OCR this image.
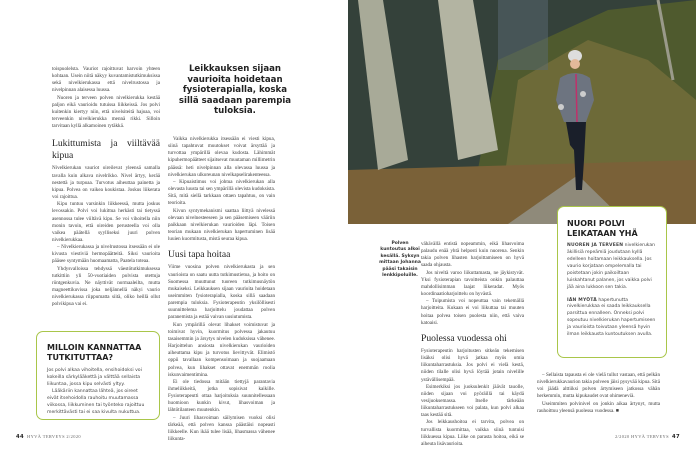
toispuolelsta. Vauriot rajoittuvat harvoin yhteen kohtaan. Usein niitä näkyy kuvantamistutkimuksissa sekä nivelkierukassa että nivelrustossa ja nivelpinnan alaisessa luussa.

Nuoren ja terveen polven nivelkierukka kestää paljon eikä vaurioidu tutuissa liikkeissä. Jos polvi kuitenkin kiertyy niin, että nivelsiteitä hajoaa, voi terveenkin nivelkierukka mennä rikki. Silloin tarvitaan kyllä alkamoinen rytäkkä.

Lukittumista ja viiltävää kipua

Nivelkierukan vauriot oireilevat yleensä samalla tavalla kuin alkava nivelrikko. Nivel ärtyy, kerää nestettä ja turpoaa. Turvotus aiheuttaa painetta ja kipua. Polvea on vaikea koukistaa. Joskus liikerata voi rajoittua.

Kipu tuntuu varsinkin liikkeessä, mutta joskus levossakin. Polvi voi lukittua herkästi tai tietyssä asennossa tulee viiltävä kipu. Se voi vihoitella niin monin tavoin, että oireiden perusteella voi olla vaikea päätellä syylliseksi juuri polven nivelkierukkaa.

– Nivelkierukassa ja nivelrustossa itsessään ei ole kivusta viestiviä hermopäätteitä. Siksi vaurioita pääsee syntymään huomaamatta, Paatela toteaa.

Yhdysvalloissa tehdyssä väestötutkimuksessa tutkittiin yli 50-vuotiaiden polvista otettuja röntgenkuvia. Ne näyttivät normaaleilta, mutta magneettikuvissa joka neljännellä näkyi vaurio nivelkierukassa riippumatta siitä, oliko heillä ollut polvikipua vai ei.

MILLOIN KANNATTAA TUTKITUTTAA?

Jos polvi alkaa vihoitella, ensihoidoksi voi kokeilla särkylääkettä ja välttää sellaista liikuntaa, jossa kipu selvästi yltyy.

Lääkäriin kannattaa lähteä, jos oireet eivät itsehoidolla rauhoitu muutamassa viikossa, liikkuminen tai työnteko rajoittuu merkittävästi tai ei saa kivulta nukuttua.

Leikkauksen sijaan vaurioita hoidetaan fysioterapialla, koska sillä saadaan parempia tuloksia.

Vaikka nivelkierukka itsessään ei viesti kipua, siinä tapahtuvat muutokset voivat ärsyttää ja turvottaa ympärillä olevaa kudosta. Lähimmät kipuhermopäätteet sijaitsevat muutaman millimetrin päässä: heti nivelpinnan alla olevassa luussa ja nivelkierukan ulkoreunan nivelkapselirakenteessa.

– Kipuaistimus voi johtua nivelkierukan alla olevasta luusta tai sen ympärillä olevista kudoksista. Sitä, mitä siellä tarkkaan ottaen tapahtuu, on vain teorioita.

Kivun syntymekanismi saattaa liittyä nivelessä olevaan nivelnesteeseen ja sen pääsemiseen vääriin paikkaan nivelkierukan vaurioiden läpi. Toisen teorian mukaan nivelkierukan hapertuminen lisää luuien kuormitusta, mistä seuraa kipua.

Uusi tapa hoitaa

Viime vuosina polven nivelkierukasta ja sen vaurioista on saatu uutta tutkimustietoa, ja hoito on Suomessa muuttunut tuoreen tutkimusnäytön mukaiseksi. Leikkauksen sijaan vaurioita hoidetaan useimmiten fysioterapialla, koska sillä saadaan parempia tuloksia. Fysioterapeutin yksilöllisesti suunnittelema harjoittelu joudattaa polven paranemista ja estää vaivan uusiutumista.

Kun ympärillä olevat lihakset voimistuvat ja toimivat hyvin, kuormitus polvessa jakautuu tasaisemmin ja ärsytys nivelen kudoksissa vähenee. Harjoittelun ansiosta nivelkierukan vaurioiden aiheuttama kipu ja turvotus lievittyvät. Elimistö oppii tavallaan kompensoimaan ja suojaamaan polvea, kun lihakset ottavat enemmän roolia iskunvaimentimina.

Ei ole tiedossa mitään tiettyjä parantavia ihmeliikkeitä, jotka sopisivat kaikille. Fysioterapeutti ottaa harjoituksia suunnitellessaan huomioon kunkin kivut, lihasvoiman ja lähtötilanteen muutenkin.

– Juuri lihasvoiman säilymisen vuoksi olisi tärkeää, että polven kanssa päästäisi nopeasti liikkeelle. Kun ikää tulee lisää, lihasmassa vähenee liikunta-

44 HYVÄ TERVEYS 2/2020
Polven kuntoutus alkoi kesällä. Syksyn mittaan Johanna pääsi takaisin lenkkipoluille.

vähävällä entistä nopeammin, eikä lihasvoima palaudu enää yhtä helposti kuin nuorena. Senkin takia polven lihasten harjoittamiseen on hyvä saada ohjausta.

Jos niveltä varoo liikuttamasta, ne jäykistyvät. Yksi fysioterapian tavoitteista onkin palauttaa mahdollisimman laajat liikeradat. Myös koordinaatioharjoittelu on hyvästä.

– Toipumista voi nopeuttaa vain tekemällä harjoitteita. Kukaan ei voi liikuttaa tai muuten hoitaa polvea toisen puolesta niin, että vaiva katoaisi.

Puolessa vuodessa ohi

Fysioterapeutin harjoitusten sitkeän tekemisen lisäksi olisi hyvä jatkaa myös omia liikuntaharrastuksia. Jos polvi ei vielä kestä, niiden tilalle olisi hyvä löytää jotain nivelille ystävällisempää.

Esimerkiksi jos juoksulenkit jäävät tauolle, niiden sijaan voi pyöräillä tai käydä vesijuoksemassa. Itselle tärkeään liikuntaharrastukseen voi palata, kun polvi alkaa taas kestää sitä.

Jos leikkaushoitoa ei tarvita, polvea on turvallista kuormittaa, vaikka siinä tuntuisi liikkuessa kipua. Liike on parasta hoitoa, eikä se aiheuta lisävaurioita.

NUORI POLVI LEIKATAAN YHÄ

NUOREN JA TERVEEN nivelkierukan äkillisiä repeämiä joudutaan kyllä edelleen hoitamaan leikkauksella. Jos vaurio korjataan ompelemalla tai poistetaan jokin paikoiltaan luiskahtanut palanen, jos vaikka polvi jää aina lukkoon sen takia.

IÄN MYÖTÄ hapertunutta nivelkierukkaa ei saada leikkauksella parsittua ennalleen. Onneksi polvi sopeutuu nivelkierukan hapertumiseen ja vaurioista toivutaan yleensä hyvin ilman leikkausta kuntoutuksen avulla.

– Sellaista tapausta ei ole vielä tullut vastaan, että pelkän nivelkierukkavaurion takia polveen jäisi pysyvää kipua. Sitä voi jäädä alttiiksi polven ärtymiseen jatkossa vähän herkemmin, mutta kipukaudet ovat ohimeneviä.

Useimmiten polvinivel on jonkin aikaa ärtynyt, mutta rauhoittuu yleensä puolessa vuodessa. ■

2/2020 HYVÄ TERVEYS 47
